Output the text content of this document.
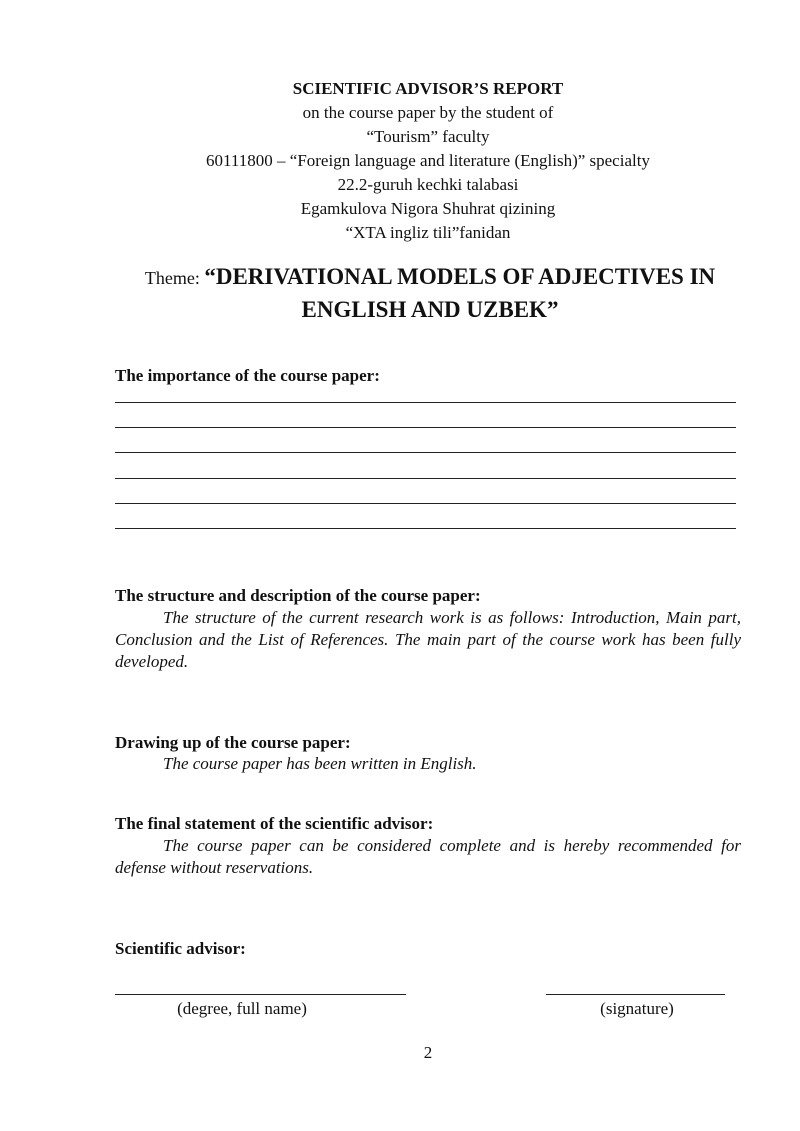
SCIENTIFIC ADVISOR’S REPORT
on the course paper by the student of
“Tourism” faculty
60111800 – “Foreign language and literature (English)” specialty
22.2-guruh kechki talabasi
Egamkulova Nigora Shuhrat qizining
“XTA ingliz tili”fanidan
Theme: “DERIVATIONAL MODELS OF ADJECTIVES IN
ENGLISH AND UZBEK”
The importance of the course paper:
The structure and description of the course paper:
The structure of the current research work is as follows: Introduction, Main part, Conclusion and the List of References. The main part of the course work has been fully developed.
Drawing up of the course paper:
The course paper has been written in English.
The final statement of the scientific advisor:
The course paper can be considered complete and is hereby recommended for defense without reservations.
Scientific advisor:
(degree, full name)	(signature)
2
